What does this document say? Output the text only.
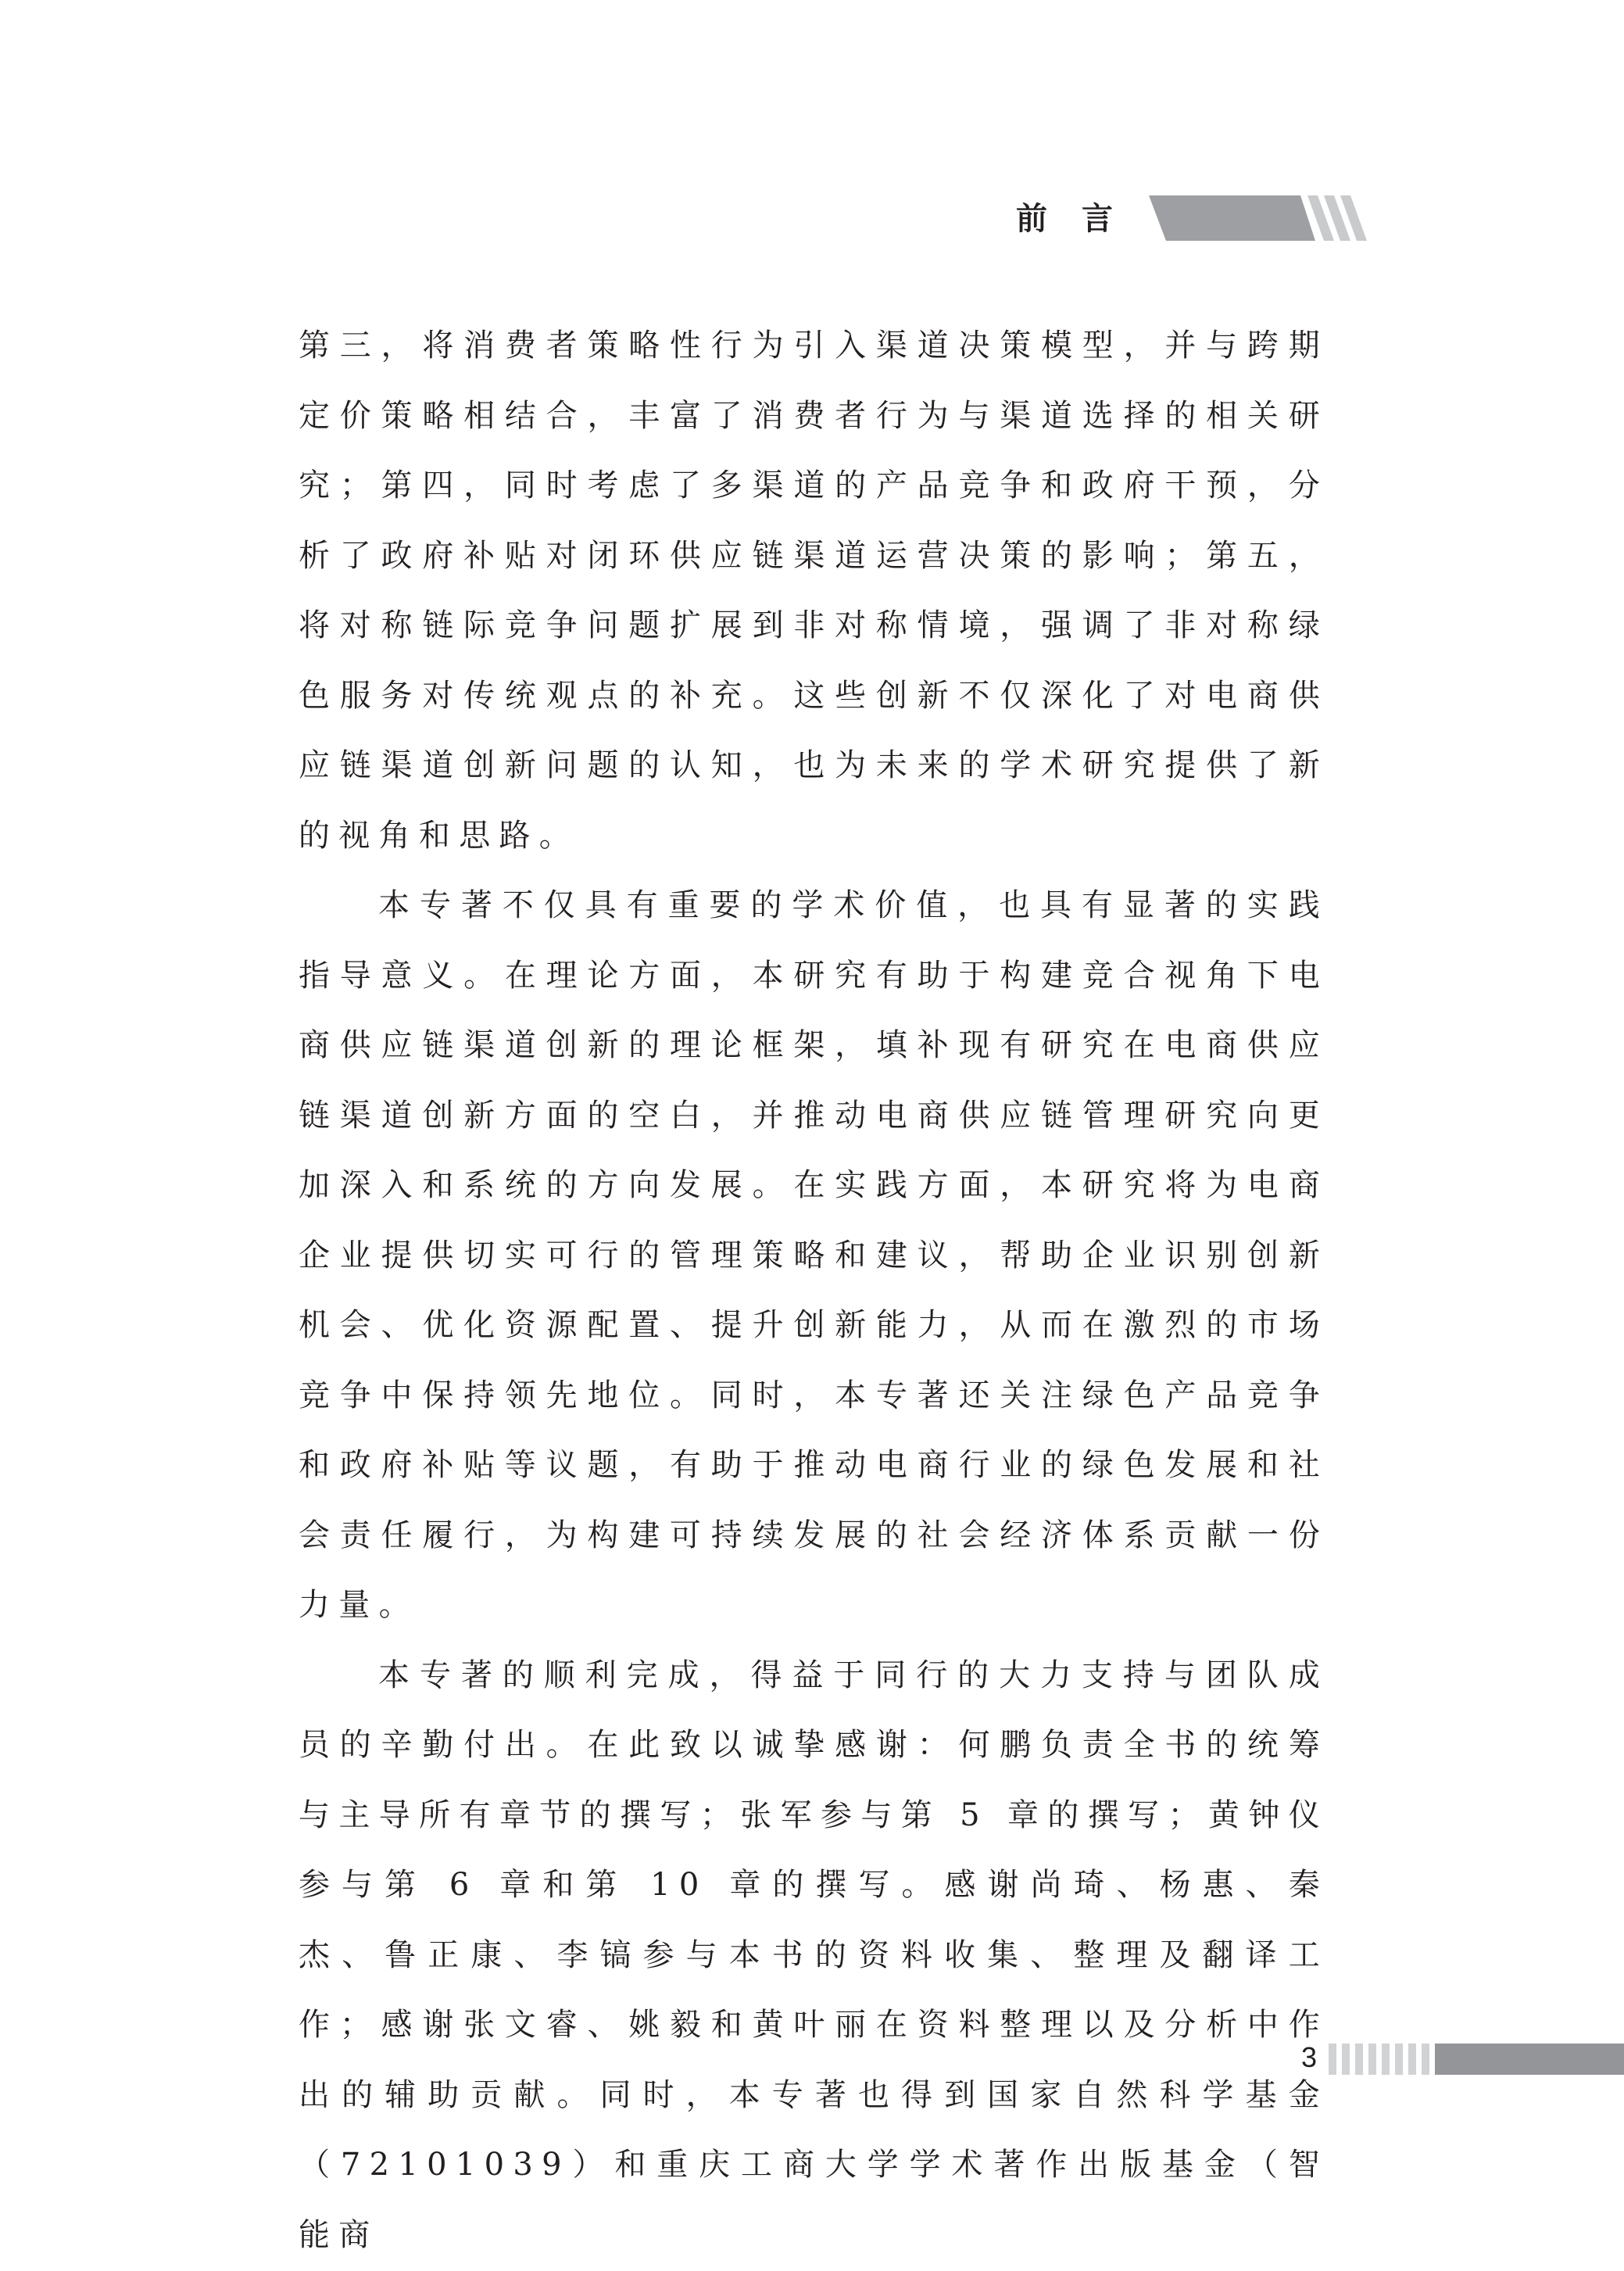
前言

第三，将消费者策略性行为引入渠道决策模型，并与跨期定价策略相结合，丰富了消费者行为与渠道选择的相关研究；第四，同时考虑了多渠道的产品竞争和政府干预，分析了政府补贴对闭环供应链渠道运营决策的影响；第五，将对称链际竞争问题扩展到非对称情境，强调了非对称绿色服务对传统观点的补充。这些创新不仅深化了对电商供应链渠道创新问题的认知，也为未来的学术研究提供了新的视角和思路。

本专著不仅具有重要的学术价值，也具有显著的实践指导意义。在理论方面，本研究有助于构建竞合视角下电商供应链渠道创新的理论框架，填补现有研究在电商供应链渠道创新方面的空白，并推动电商供应链管理研究向更加深入和系统的方向发展。在实践方面，本研究将为电商企业提供切实可行的管理策略和建议，帮助企业识别创新机会、优化资源配置、提升创新能力，从而在激烈的市场竞争中保持领先地位。同时，本专著还关注绿色产品竞争和政府补贴等议题，有助于推动电商行业的绿色发展和社会责任履行，为构建可持续发展的社会经济体系贡献一份力量。

本专著的顺利完成，得益于同行的大力支持与团队成员的辛勤付出。在此致以诚挚感谢：何鹏负责全书的统筹与主导所有章节的撰写；张军参与第 5 章的撰写；黄钟仪参与第 6 章和第 10 章的撰写。感谢尚琦、杨惠、秦杰、鲁正康、李镐参与本书的资料收集、整理及翻译工作；感谢张文睿、姚毅和黄叶丽在资料整理以及分析中作出的辅助贡献。同时，本专著也得到国家自然科学基金（72101039）和重庆工商大学学术著作出版基金（智能商

3
